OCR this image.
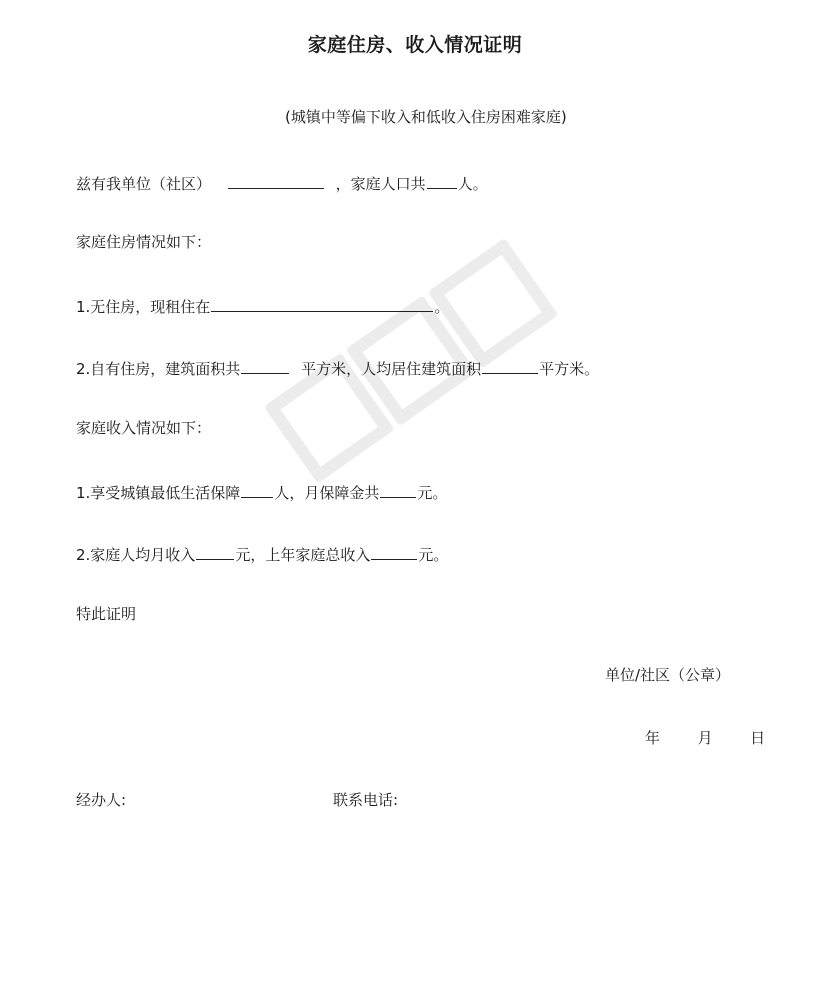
家庭住房、收入情况证明
(城镇中等偏下收入和低收入住房困难家庭)
兹有我单位（社区）	，家庭人口共 人。
家庭住房情况如下：
1.无住房，现租住在	。
2.自有住房，建筑面积共	平方米，人均居住建筑面积	平方米。
家庭收入情况如下：
1.享受城镇最低生活保障 人，月保障金共	元。
2.家庭人均月收入	元，上年家庭总收入	元。
特此证明
单位/社区（公章）
年	月	日
经办人:	联系电话:
